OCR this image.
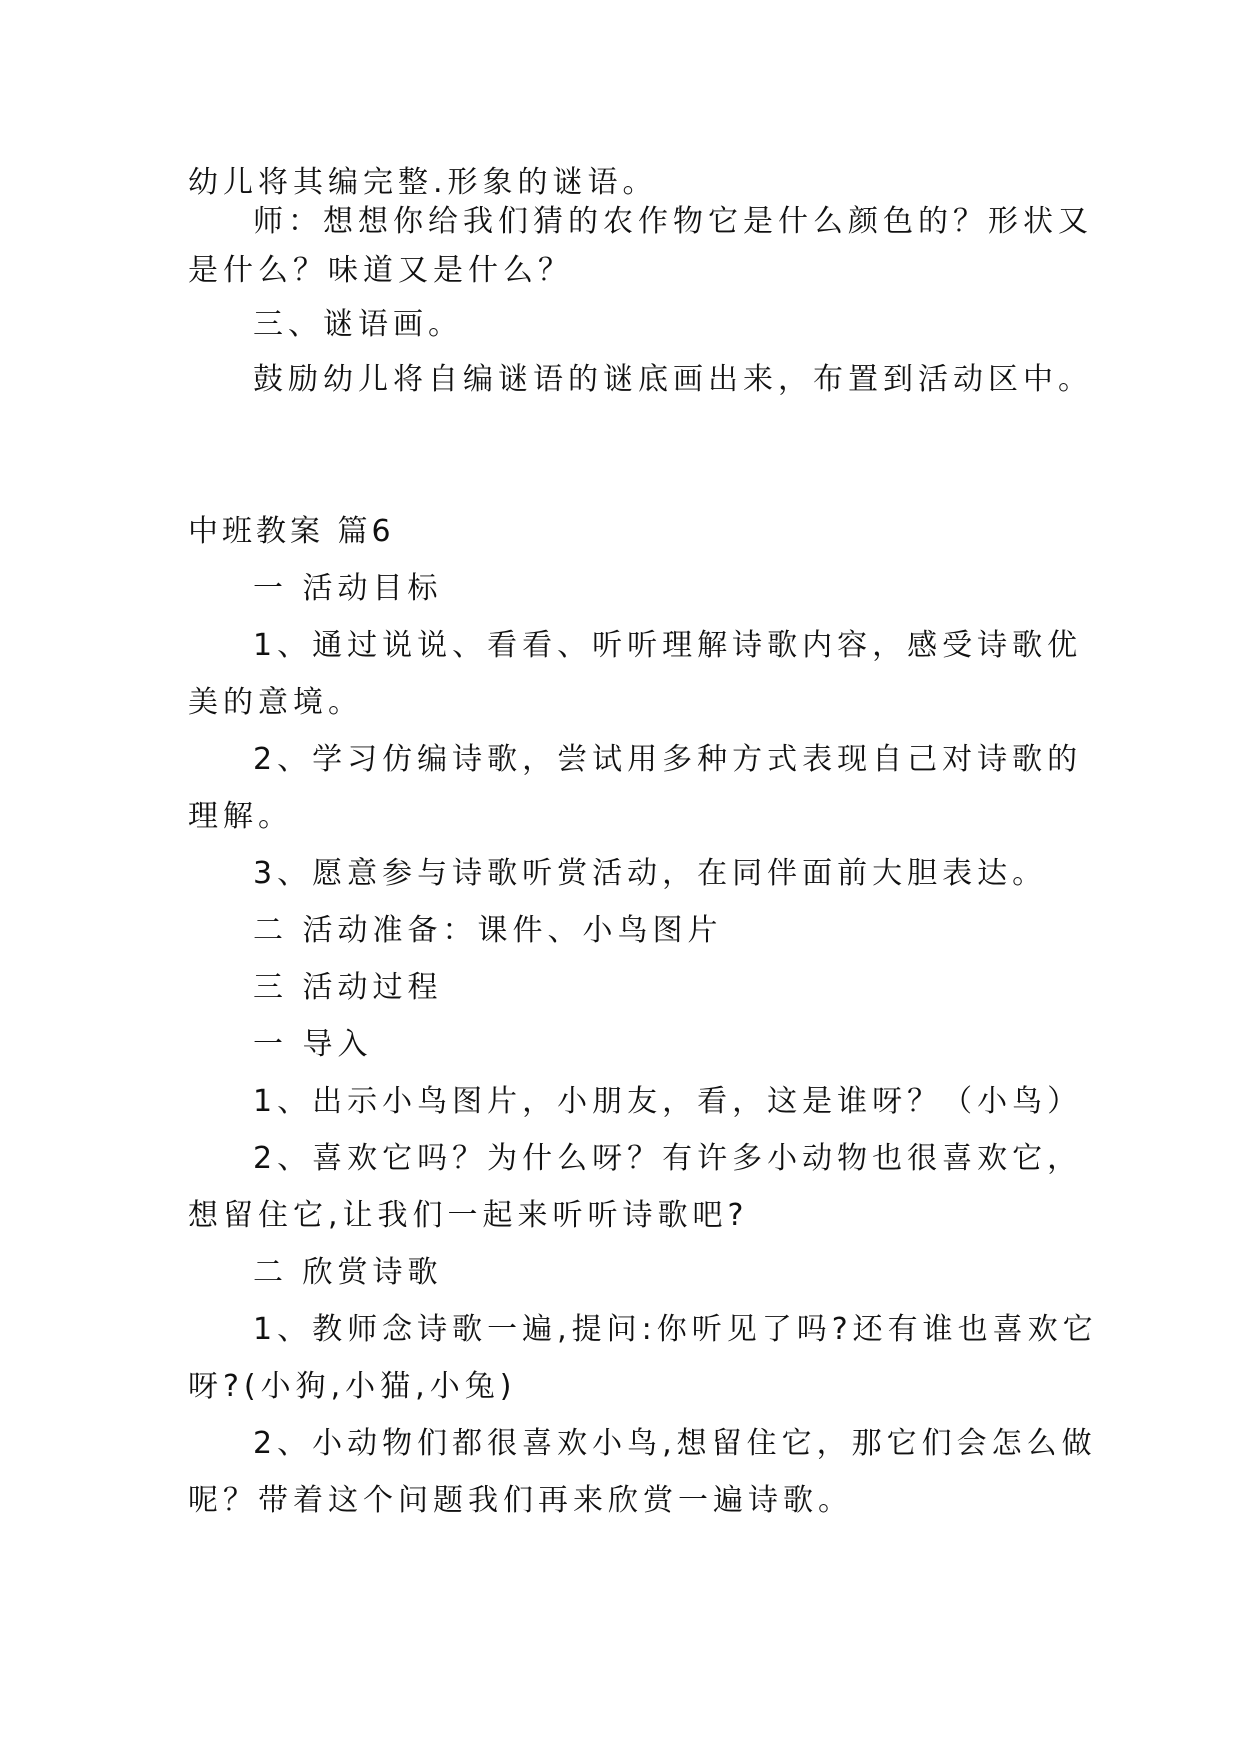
幼儿将其编完整.形象的谜语。

师：想想你给我们猜的农作物它是什么颜色的？形状又

是什么？味道又是什么？

三、谜语画。

鼓励幼儿将自编谜语的谜底画出来，布置到活动区中。

中班教案 篇6

一 活动目标

1、通过说说、看看、听听理解诗歌内容，感受诗歌优

美的意境。

2、学习仿编诗歌，尝试用多种方式表现自己对诗歌的

理解。

3、愿意参与诗歌听赏活动，在同伴面前大胆表达。

二 活动准备：课件、小鸟图片

三 活动过程

一 导入

1、出示小鸟图片，小朋友，看，这是谁呀？（小鸟）

2、喜欢它吗？为什么呀？有许多小动物也很喜欢它，

想留住它,让我们一起来听听诗歌吧?

二 欣赏诗歌

1、教师念诗歌一遍,提问:你听见了吗?还有谁也喜欢它

呀?(小狗,小猫,小兔)

2、小动物们都很喜欢小鸟,想留住它，那它们会怎么做

呢？带着这个问题我们再来欣赏一遍诗歌。
